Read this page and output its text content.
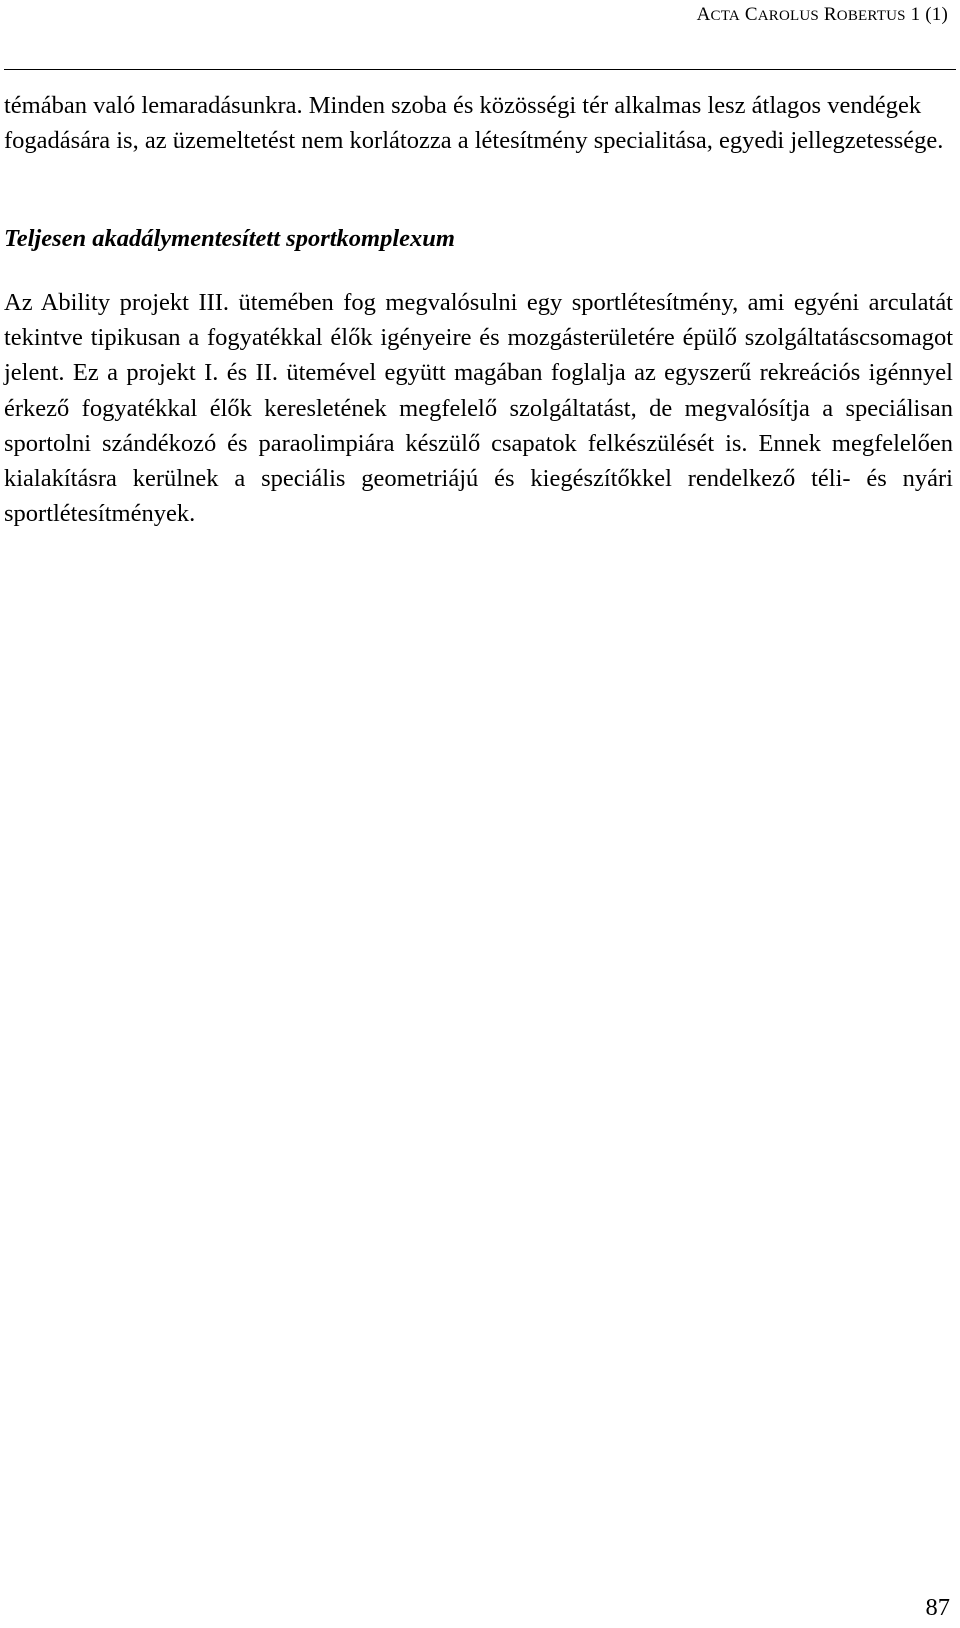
ACTA CAROLUS ROBERTUS 1 (1)

témában való lemaradásunkra. Minden szoba és közösségi tér alkalmas lesz átlagos vendégek fogadására is, az üzemeltetést nem korlátozza a létesítmény specialitása, egyedi jellegzetessége.

Teljesen akadálymentesített sportkomplexum

Az Ability projekt III. ütemében fog megvalósulni egy sportlétesítmény, ami egyéni arculatát tekintve tipikusan a fogyatékkal élők igényeire és mozgásterületére épülő szolgáltatáscsomagot jelent. Ez a projekt I. és II. ütemével együtt magában foglalja az egyszerű rekreációs igénnyel érkező fogyatékkal élők keresletének megfelelő szolgáltatást, de megvalósítja a speciálisan sportolni szándékozó és paraolimpiára készülő csapatok felkészülését is. Ennek megfelelően kialakításra kerülnek a speciális geometriájú és kiegészítőkkel rendelkező téli- és nyári sportlétesítmények.

87
